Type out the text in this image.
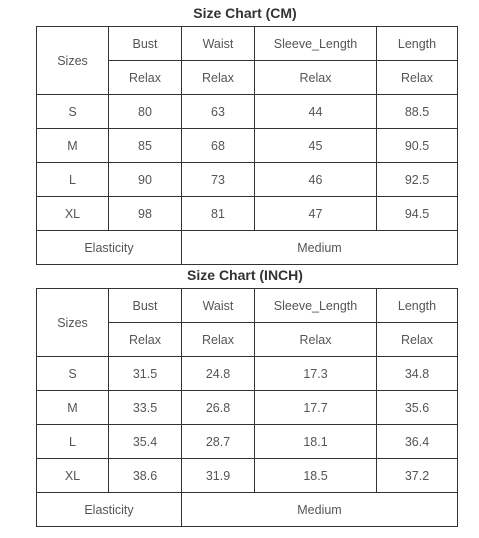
Size Chart (CM)
Sizes	Bust	Waist	Sleeve_Length	Length
	Relax	Relax	Relax	Relax
S	80	63	44	88.5
M	85	68	45	90.5
L	90	73	46	92.5
XL	98	81	47	94.5
Elasticity		Medium		
Size Chart (INCH)
Sizes	Bust	Waist	Sleeve_Length	Length
	Relax	Relax	Relax	Relax
S	31.5	24.8	17.3	34.8
M	33.5	26.8	17.7	35.6
L	35.4	28.7	18.1	36.4
XL	38.6	31.9	18.5	37.2
Elasticity		Medium		
